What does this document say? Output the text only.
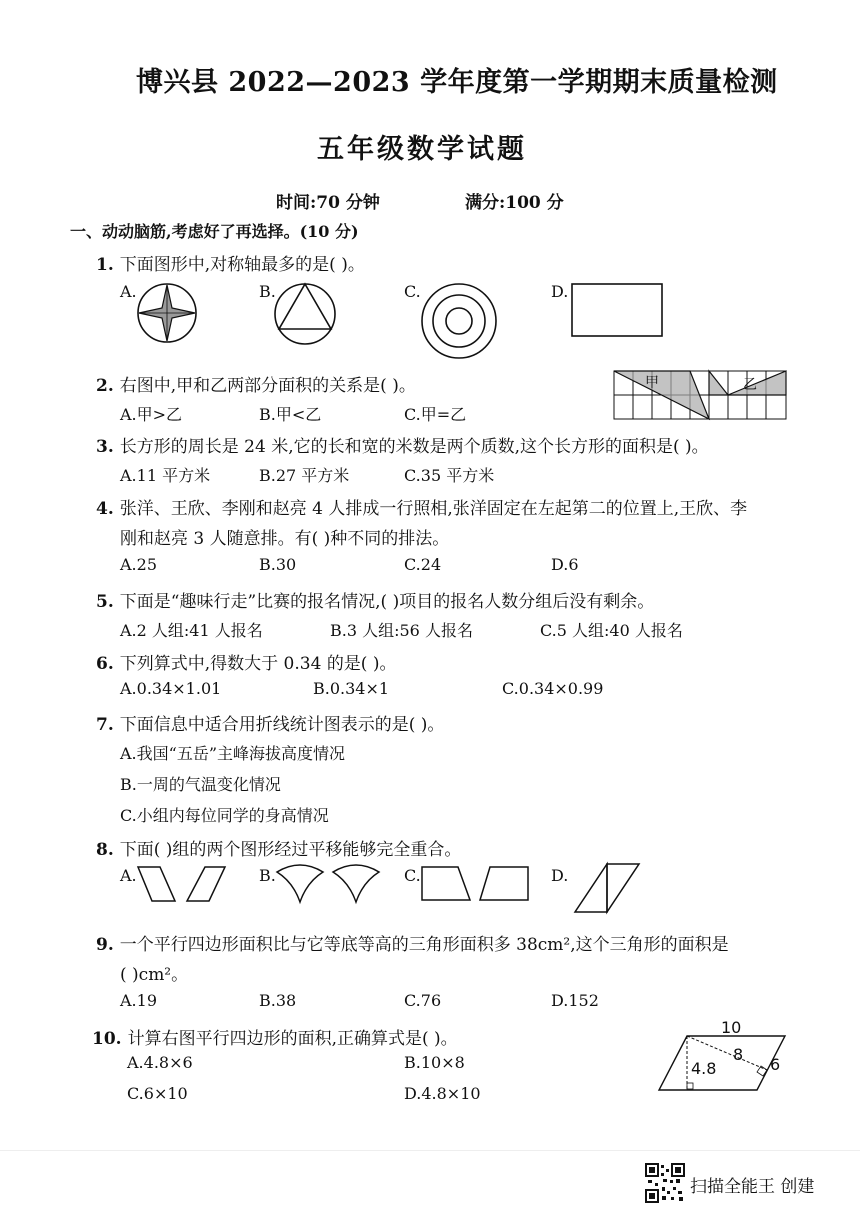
博兴县 2022—2023 学年度第一学期期末质量检测
五年级数学试题
时间:70 分钟	满分:100 分
一、动动脑筋,考虑好了再选择。(10 分)
1. 下面图形中,对称轴最多的是( )。
A.	B.	C.	D.
2. 右图中,甲和乙两部分面积的关系是( )。
A.甲>乙	B.甲<乙	C.甲=乙
甲	乙
3. 长方形的周长是 24 米,它的长和宽的米数是两个质数,这个长方形的面积是( )。
A.11 平方米	B.27 平方米	C.35 平方米
4. 张洋、王欣、李刚和赵亮 4 人排成一行照相,张洋固定在左起第二的位置上,王欣、李
刚和赵亮 3 人随意排。有( )种不同的排法。
A.25	B.30	C.24	D.6
5. 下面是“趣味行走”比赛的报名情况,( )项目的报名人数分组后没有剩余。
A.2 人组:41 人报名	B.3 人组:56 人报名	C.5 人组:40 人报名
6. 下列算式中,得数大于 0.34 的是( )。
A.0.34×1.01	B.0.34×1	C.0.34×0.99
7. 下面信息中适合用折线统计图表示的是( )。
A.我国“五岳”主峰海拔高度情况
B.一周的气温变化情况
C.小组内每位同学的身高情况
8. 下面( )组的两个图形经过平移能够完全重合。
A.	B.	C.	D.
9. 一个平行四边形面积比与它等底等高的三角形面积多 38cm²,这个三角形的面积是
( )cm²。
A.19	B.38	C.76	D.152
10. 计算右图平行四边形的面积,正确算式是( )。
A.4.8×6	B.10×8
C.6×10	D.4.8×10
10
8
4.8	6
扫描全能王 创建
